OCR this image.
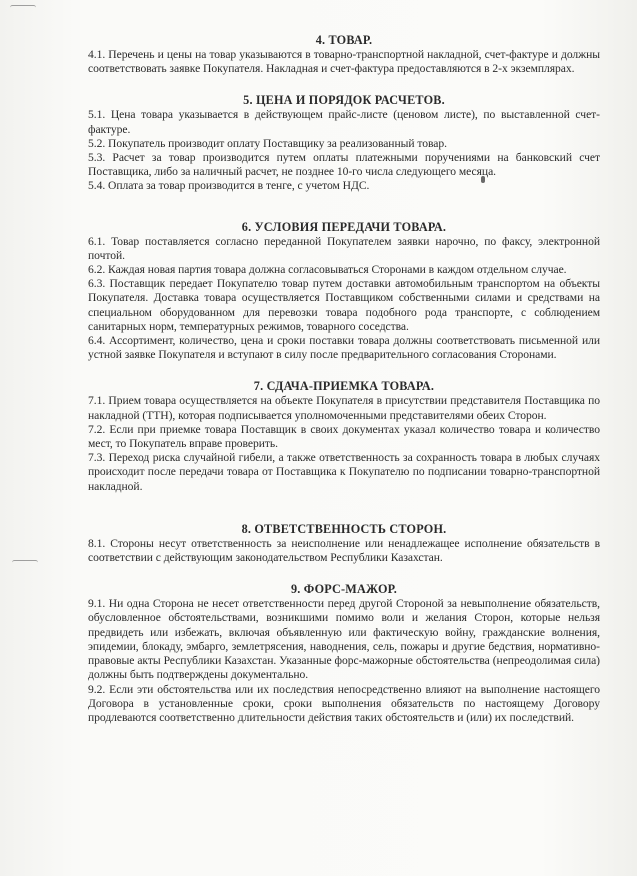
4. ТОВАР.

4.1. Перечень и цены на товар указываются в товарно-транспортной накладной, счет-фактуре и должны соответствовать заявке Покупателя. Накладная и счет-фактура предоставляются в 2-х экземплярах.

5. ЦЕНА И ПОРЯДОК РАСЧЕТОВ.

5.1. Цена товара указывается в действующем прайс-листе (ценовом листе), по выставленной счет-фактуре.

5.2. Покупатель производит оплату Поставщику за реализованный товар.

5.3. Расчет за товар производится путем оплаты платежными поручениями на банковский счет Поставщика, либо за наличный расчет, не позднее 10-го числа следующего месяца.

5.4. Оплата за товар производится в тенге, с учетом НДС.

6. УСЛОВИЯ ПЕРЕДАЧИ ТОВАРА.

6.1. Товар поставляется согласно переданной Покупателем заявки нарочно, по факсу, электронной почтой.

6.2. Каждая новая партия товара должна согласовываться Сторонами в каждом отдельном случае.

6.3. Поставщик передает Покупателю товар путем доставки автомобильным транспортом на объекты Покупателя. Доставка товара осуществляется Поставщиком собственными силами и средствами на специальном оборудованном для перевозки товара подобного рода транспорте, с соблюдением санитарных норм, температурных режимов, товарного соседства.

6.4. Ассортимент, количество, цена и сроки поставки товара должны соответствовать письменной или устной заявке Покупателя и вступают в силу после предварительного согласования Сторонами.

7. СДАЧА-ПРИЕМКА ТОВАРА.

7.1. Прием товара осуществляется на объекте Покупателя в присутствии представителя Поставщика по накладной (ТТН), которая подписывается уполномоченными представителями обеих Сторон.

7.2. Если при приемке товара Поставщик в своих документах указал количество товара и количество мест, то Покупатель вправе проверить.

7.3. Переход риска случайной гибели, а также ответственность за сохранность товара в любых случаях происходит после передачи товара от Поставщика к Покупателю по подписании товарно-транспортной накладной.

8. ОТВЕТСТВЕННОСТЬ СТОРОН.

8.1. Стороны несут ответственность за неисполнение или ненадлежащее исполнение обязательств в соответствии с действующим законодательством Республики Казахстан.

9. ФОРС-МАЖОР.

9.1. Ни одна Сторона не несет ответственности перед другой Стороной за невыполнение обязательств, обусловленное обстоятельствами, возникшими помимо воли и желания Сторон, которые нельзя предвидеть или избежать, включая объявленную или фактическую войну, гражданские волнения, эпидемии, блокаду, эмбарго, землетрясения, наводнения, сель, пожары и другие бедствия, нормативно-правовые акты Республики Казахстан. Указанные форс-мажорные обстоятельства (непреодолимая сила) должны быть подтверждены документально.

9.2. Если эти обстоятельства или их последствия непосредственно влияют на выполнение настоящего Договора в установленные сроки, сроки выполнения обязательств по настоящему Договору продлеваются соответственно длительности действия таких обстоятельств и (или) их последствий.
